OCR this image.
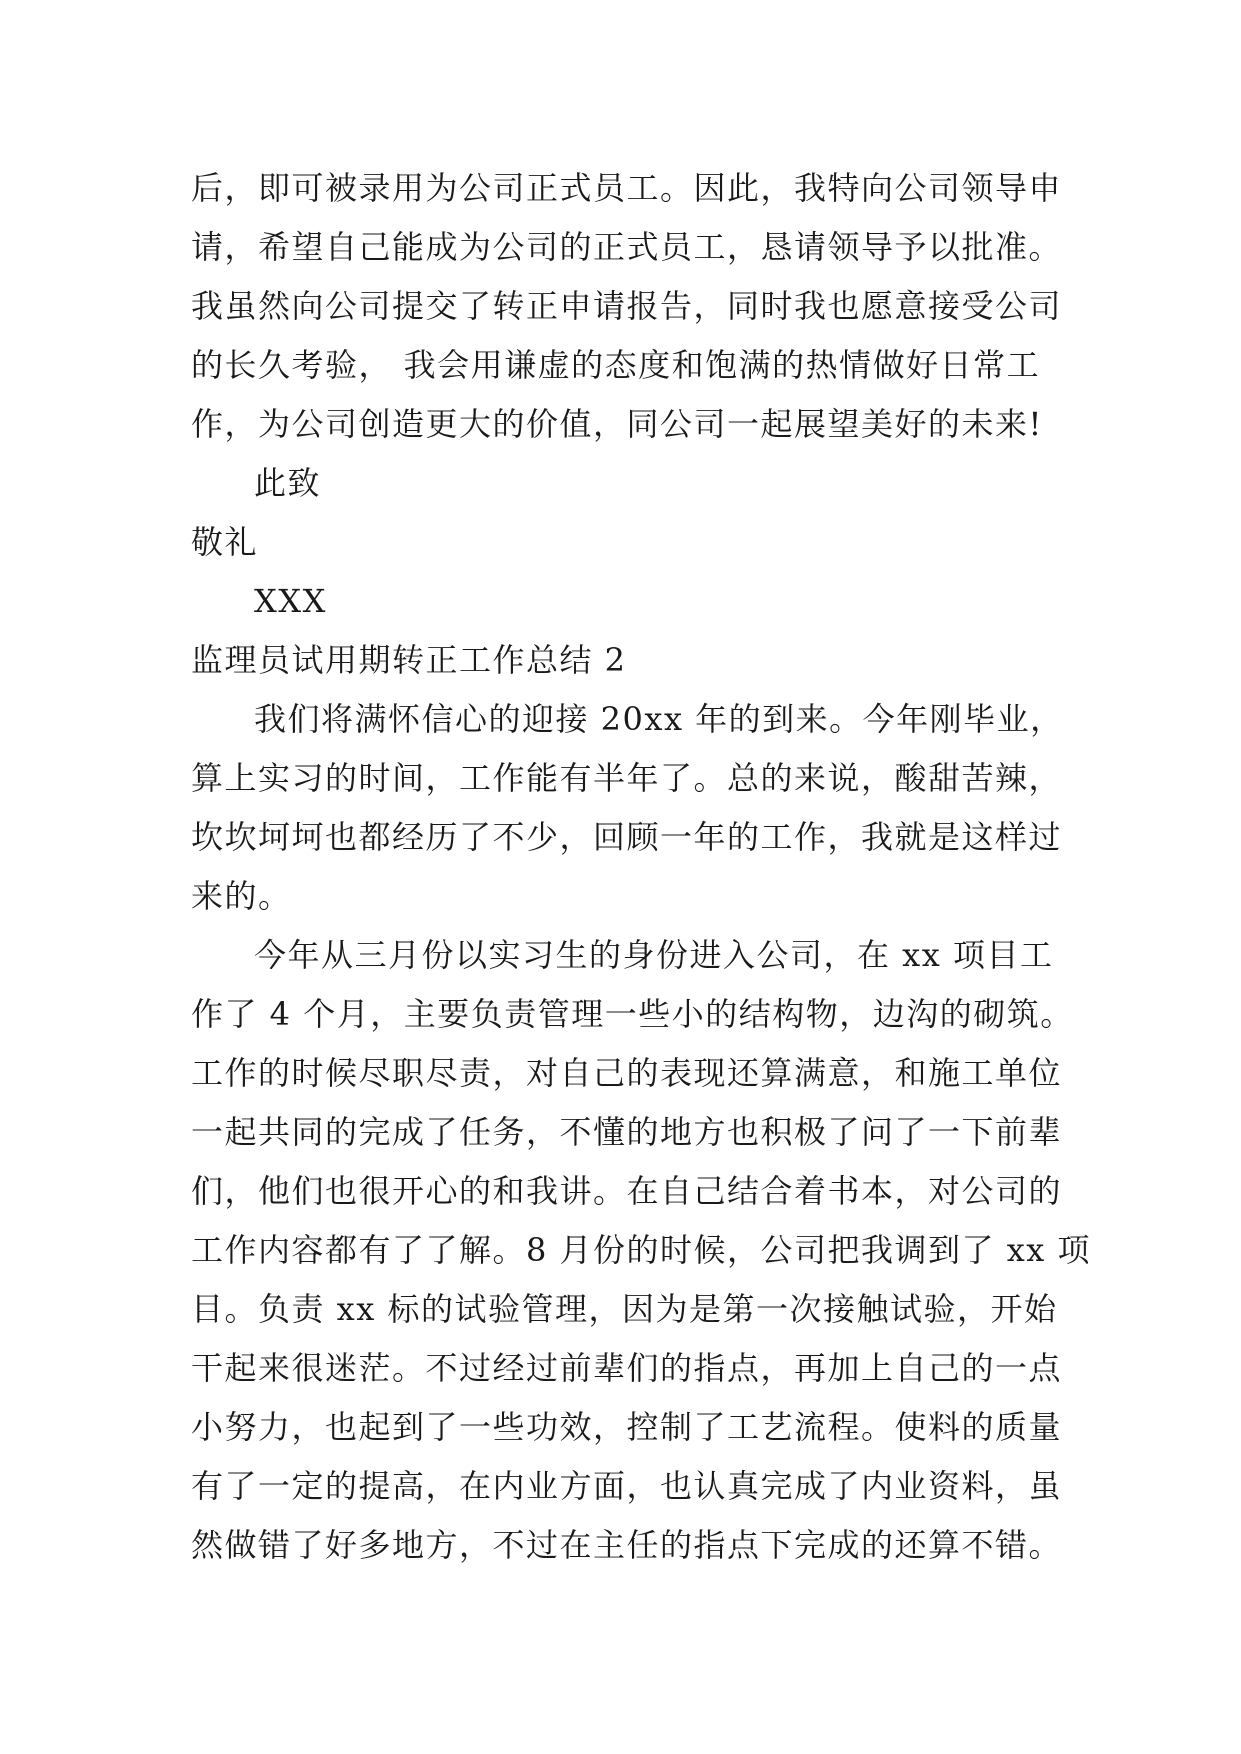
后，即可被录用为公司正式员工。因此，我特向公司领导申
请，希望自己能成为公司的正式员工，恳请领导予以批准。
我虽然向公司提交了转正申请报告，同时我也愿意接受公司
的长久考验， 我会用谦虚的态度和饱满的热情做好日常工
作，为公司创造更大的价值，同公司一起展望美好的未来!
此致
敬礼
XXX
监理员试用期转正工作总结 2
我们将满怀信心的迎接 20xx 年的到来。今年刚毕业，
算上实习的时间，工作能有半年了。总的来说，酸甜苦辣，
坎坎坷坷也都经历了不少，回顾一年的工作，我就是这样过
来的。
今年从三月份以实习生的身份进入公司，在 xx 项目工
作了 4 个月，主要负责管理一些小的结构物，边沟的砌筑。
工作的时候尽职尽责，对自己的表现还算满意，和施工单位
一起共同的完成了任务，不懂的地方也积极了问了一下前辈
们，他们也很开心的和我讲。在自己结合着书本，对公司的
工作内容都有了了解。8 月份的时候，公司把我调到了 xx 项
目。负责 xx 标的试验管理，因为是第一次接触试验，开始
干起来很迷茫。不过经过前辈们的指点，再加上自己的一点
小努力，也起到了一些功效，控制了工艺流程。使料的质量
有了一定的提高，在内业方面，也认真完成了内业资料，虽
然做错了好多地方，不过在主任的指点下完成的还算不错。
